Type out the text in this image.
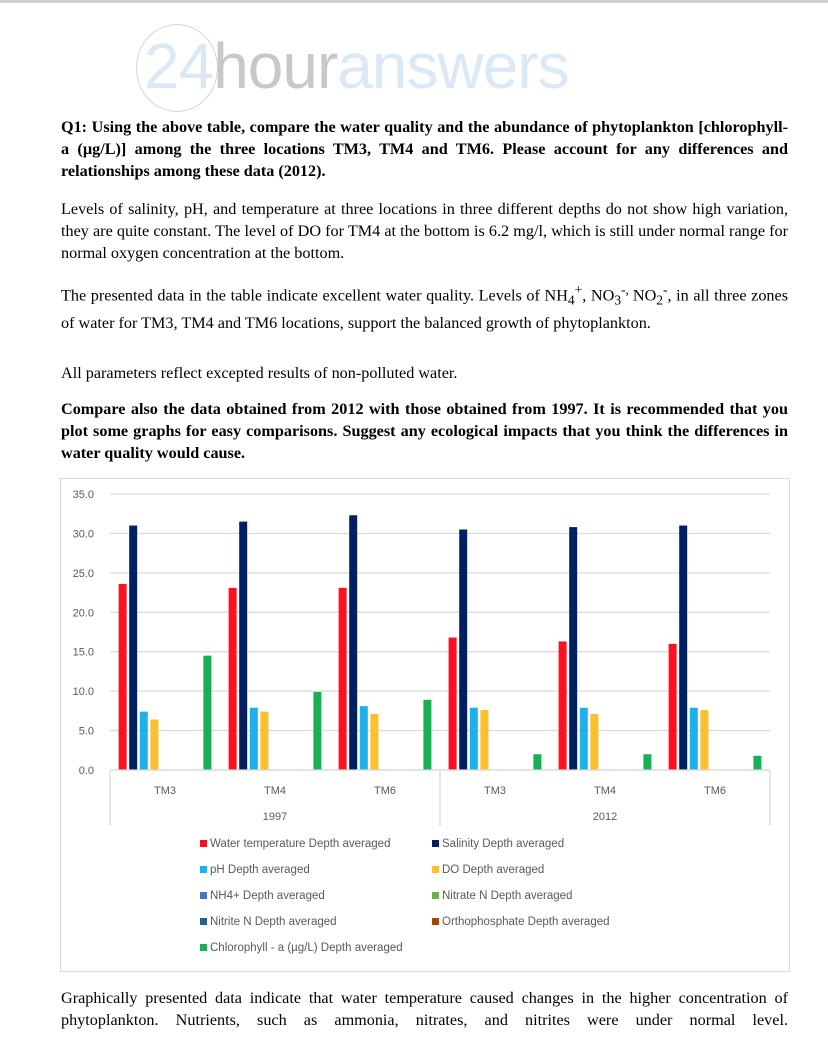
24houranswers

Q1: Using the above table, compare the water quality and the abundance of phytoplankton [chlorophyll-a (µg/L)] among the three locations TM3, TM4 and TM6. Please account for any differences and relationships among these data (2012).

Levels of salinity, pH, and temperature at three locations in three different depths do not show high variation, they are quite constant. The level of DO for TM4 at the bottom is 6.2 mg/l, which is still under normal range for normal oxygen concentration at the bottom.

The presented data in the table indicate excellent water quality. Levels of $NH_4^+$, $NO_3^{-,}$ $NO_2^-$, in all three zones of water for TM3, TM4 and TM6 locations, support the balanced growth of phytoplankton.

All parameters reflect excepted results of non-polluted water.

Compare also the data obtained from 2012 with those obtained from 1997. It is recommended that you plot some graphs for easy comparisons. Suggest any ecological impacts that you think the differences in water quality would cause.

0.0
5.0
10.0
15.0
20.0
25.0
30.0
35.0
TM3	TM4	TM6	TM3	TM4	TM6
1997	2012
Water temperature Depth averaged	Salinity Depth averaged
pH Depth averaged	DO Depth averaged
NH4+ Depth averaged	Nitrate N Depth averaged
Nitrite N Depth averaged	Orthophosphate Depth averaged
Chlorophyll - a (µg/L) Depth averaged

Graphically presented data indicate that water temperature caused changes in the higher concentration of phytoplankton. Nutrients, such as ammonia, nitrates, and nitrites were under normal level.
